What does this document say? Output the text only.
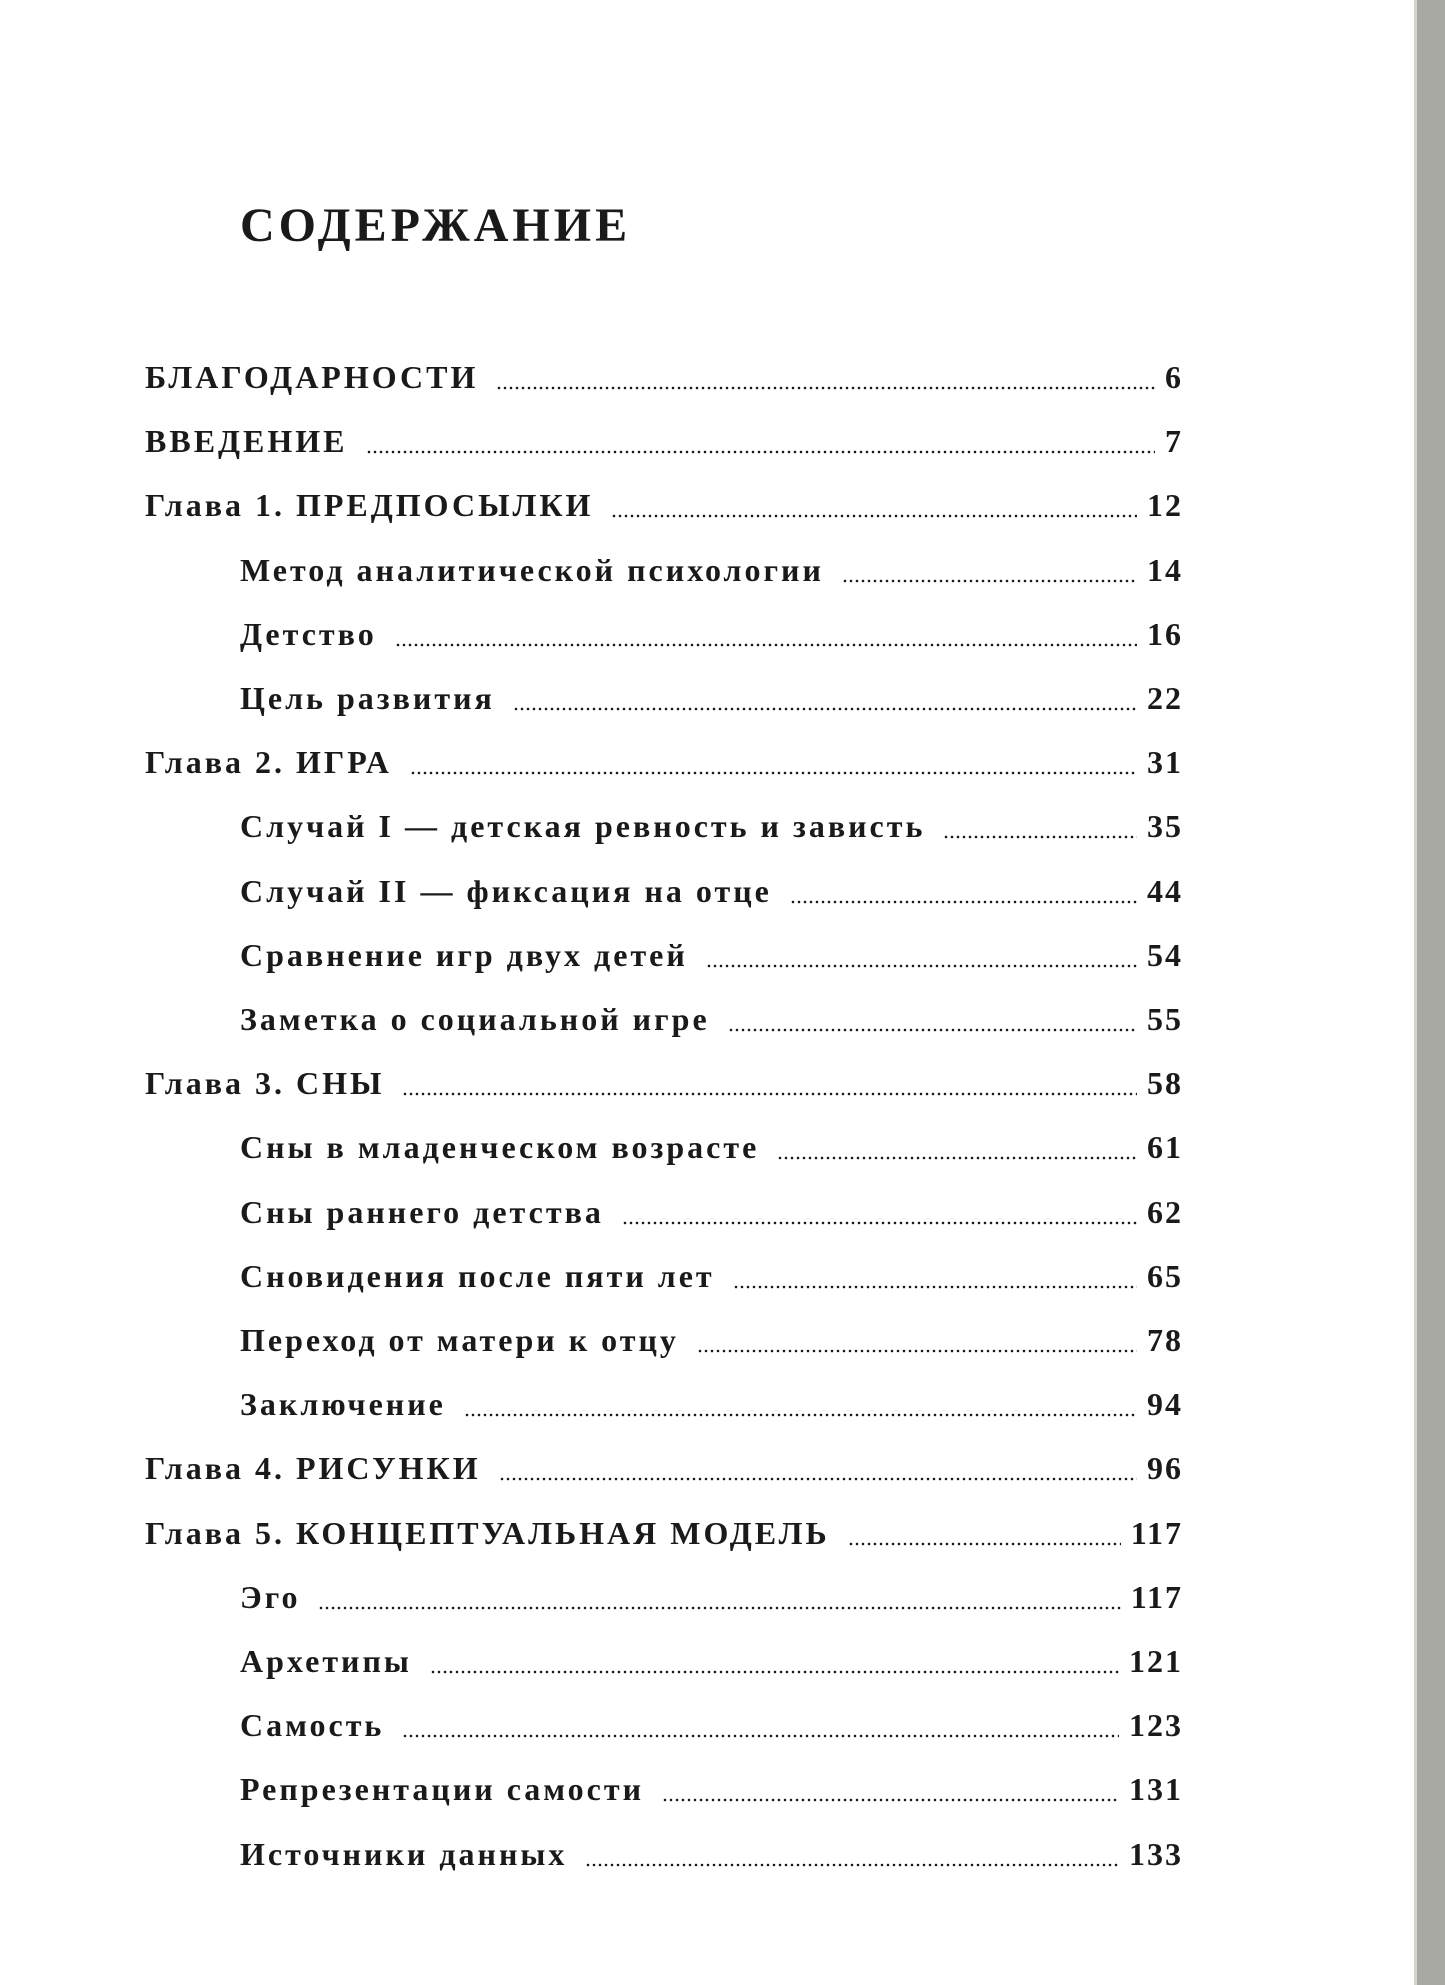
СОДЕРЖАНИЕ
БЛАГОДАРНОСТИ	6
ВВЕДЕНИЕ	7
Глава 1. ПРЕДПОСЫЛКИ	12
Метод аналитической психологии	14
Детство	16
Цель развития	22
Глава 2. ИГРА	31
Случай I — детская ревность и зависть	35
Случай II — фиксация на отце	44
Сравнение игр двух детей	54
Заметка о социальной игре	55
Глава 3. СНЫ	58
Сны в младенческом возрасте	61
Сны раннего детства	62
Сновидения после пяти лет	65
Переход от матери к отцу	78
Заключение	94
Глава 4. РИСУНКИ	96
Глава 5. КОНЦЕПТУАЛЬНАЯ МОДЕЛЬ	117
Эго	117
Архетипы	121
Самость	123
Репрезентации самости	131
Источники данных	133
